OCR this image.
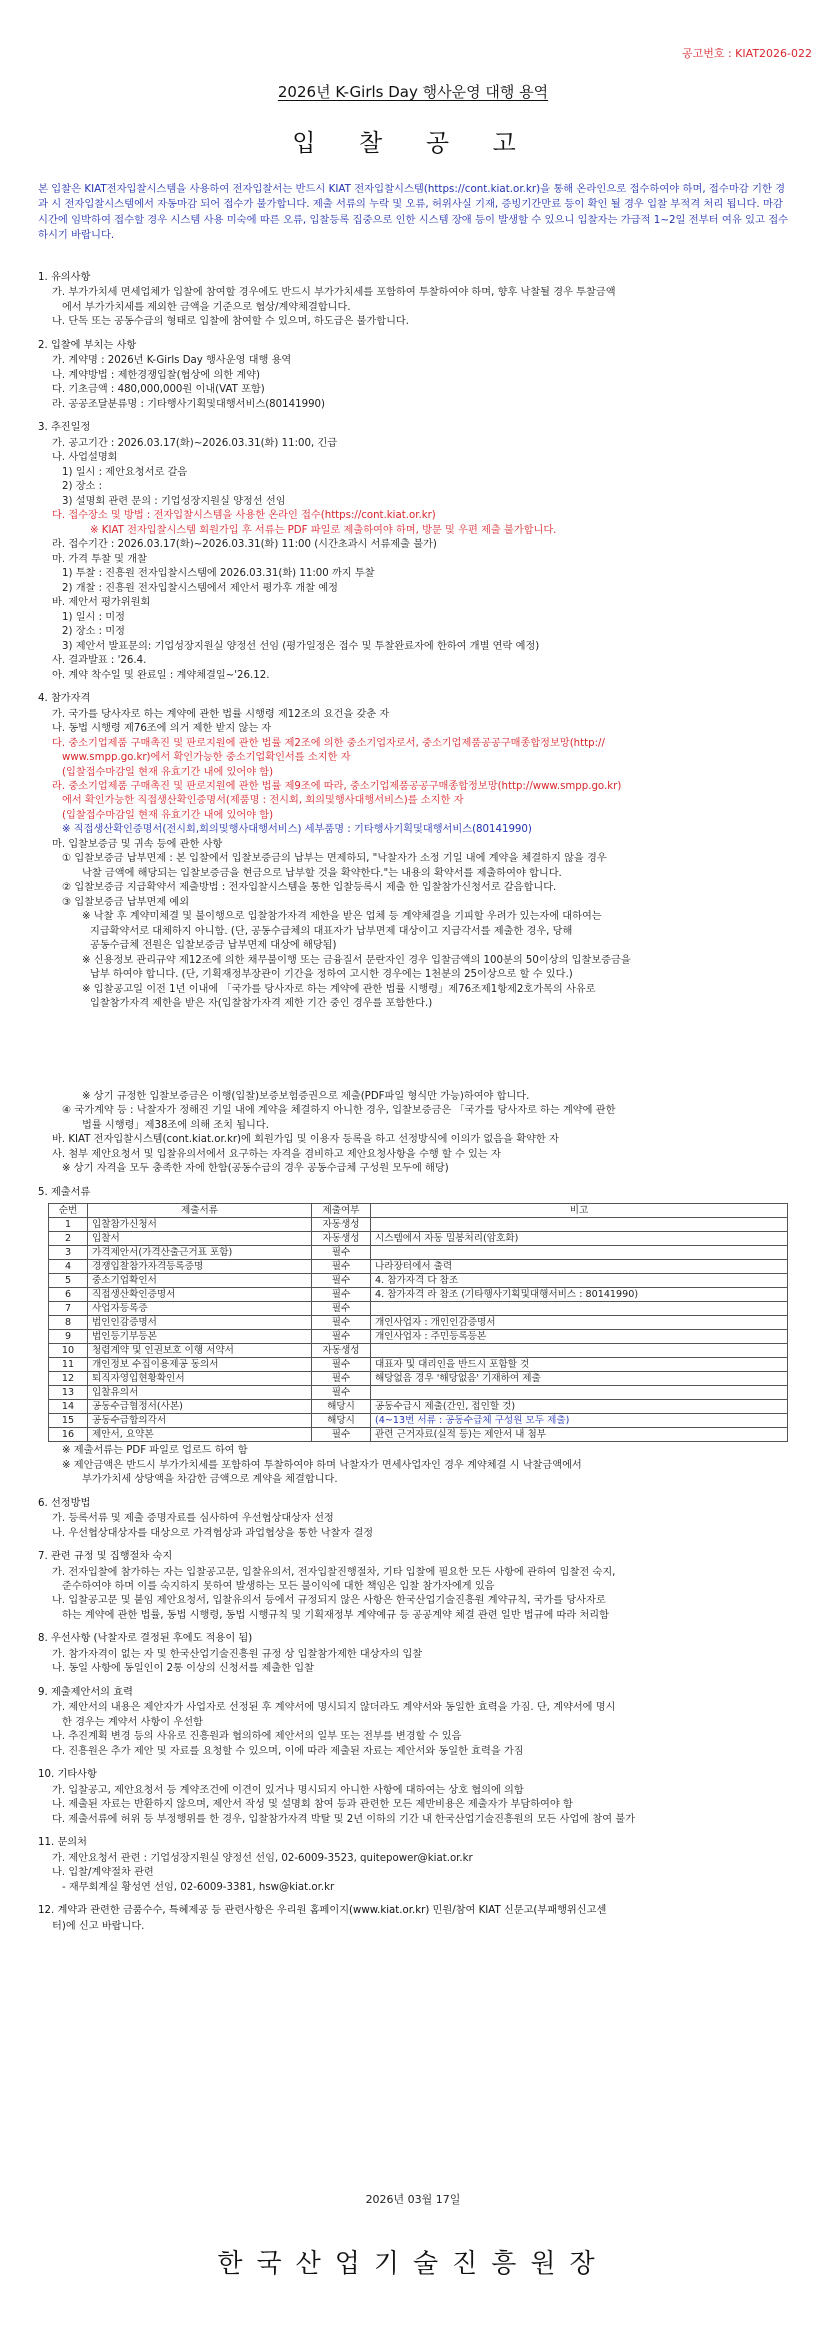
공고번호 : KIAT2026-022
2026년 K-Girls Day 행사운영 대행 용역
입 찰 공 고
본 입찰은 KIAT전자입찰시스템을 사용하여 전자입찰서는 반드시 KIAT 전자입찰시스템(https://cont.kiat.or.kr)을 통해 온라인으로 접수하여야 하며, 접수마감 기한 경과 시 전자입찰시스템에서 자동마감 되어 접수가 불가합니다. 제출 서류의 누락 및 오류, 허위사실 기재, 증빙기간만료 등이 확인 될 경우 입찰 부적격 처리 됩니다. 마감시간에 임박하여 접수할 경우 시스템 사용 미숙에 따른 오류, 입찰등록 집중으로 인한 시스템 장애 등이 발생할 수 있으니 입찰자는 가급적 1~2일 전부터 여유 있고 접수하시기 바랍니다.
1. 유의사항
가. 부가가치세 면세업체가 입찰에 참여할 경우에도 반드시 부가가치세를 포함하여 투찰하여야 하며, 향후 낙찰될 경우 투찰금액
에서 부가가치세를 제외한 금액을 기준으로 협상/계약체결합니다.
나. 단독 또는 공동수급의 형태로 입찰에 참여할 수 있으며, 하도급은 불가합니다.
2. 입찰에 부치는 사항
가. 계약명 : 2026년 K-Girls Day 행사운영 대행 용역
나. 계약방법 : 제한경쟁입찰(협상에 의한 계약)
다. 기초금액 : 480,000,000원 이내(VAT 포함)
라. 공공조달분류명 : 기타행사기획및대행서비스(80141990)
3. 추진일정
가. 공고기간 : 2026.03.17(화)~2026.03.31(화) 11:00, 긴급
나. 사업설명회
1) 일시 : 제안요청서로 갈음
2) 장소 :
3) 설명회 관련 문의 : 기업성장지원실 양정선 선임
다. 접수장소 및 방법 : 전자입찰시스템을 사용한 온라인 접수(https://cont.kiat.or.kr)
※ KIAT 전자입찰시스템 회원가입 후 서류는 PDF 파일로 제출하여야 하며, 방문 및 우편 제출 불가합니다.
라. 접수기간 : 2026.03.17(화)~2026.03.31(화) 11:00 (시간초과시 서류제출 불가)
마. 가격 투찰 및 개찰
1) 투찰 : 진흥원 전자입찰시스템에 2026.03.31(화) 11:00 까지 투찰
2) 개찰 : 진흥원 전자입찰시스템에서 제안서 평가후 개찰 예정
바. 제안서 평가위원회
1) 일시 : 미정
2) 장소 : 미정
3) 제안서 발표문의: 기업성장지원실 양정선 선임 (평가일정은 접수 및 투찰완료자에 한하여 개별 연락 예정)
사. 결과발표 : '26.4.
아. 계약 착수일 및 완료일 : 계약체결일~'26.12.
4. 참가자격
가. 국가를 당사자로 하는 계약에 관한 법률 시행령 제12조의 요건을 갖춘 자
나. 동법 시행령 제76조에 의거 제한 받지 않는 자
다. 중소기업제품 구매촉진 및 판로지원에 관한 법률 제2조에 의한 중소기업자로서, 중소기업제품공공구매종합정보망(http://
www.smpp.go.kr)에서 확인가능한 중소기업확인서를 소지한 자
(입찰접수마감일 현재 유효기간 내에 있어야 함)
라. 중소기업제품 구매촉진 및 판로지원에 관한 법률 제9조에 따라, 중소기업제품공공구매종합정보망(http://www.smpp.go.kr)
에서 확인가능한 직접생산확인증명서(제품명 : 전시회, 회의및행사대행서비스)를 소지한 자
(입찰접수마감일 현재 유효기간 내에 있어야 함)
※ 직접생산확인증명서(전시회,회의및행사대행서비스) 세부품명 : 기타행사기획및대행서비스(80141990)
마. 입찰보증금 및 귀속 등에 관한 사항
① 입찰보증금 납부면제 : 본 입찰에서 입찰보증금의 납부는 면제하되, "낙찰자가 소정 기일 내에 계약을 체결하지 않을 경우
낙찰 금액에 해당되는 입찰보증금을 현금으로 납부할 것을 확약한다."는 내용의 확약서를 제출하여야 합니다.
② 입찰보증금 지급확약서 제출방법 : 전자입찰시스템을 통한 입찰등록시 제출 한 입찰참가신청서로 갈음합니다.
③ 입찰보증금 납부면제 예외
※ 낙찰 후 계약미체결 및 불이행으로 입찰참가자격 제한을 받은 업체 등 계약체결을 기피할 우려가 있는자에 대하여는
지급확약서로 대체하지 아니함. (단, 공동수급체의 대표자가 납부면제 대상이고 지급각서를 제출한 경우, 당해
공동수급체 전원은 입찰보증금 납부면제 대상에 해당됨)
※ 신용정보 관리규약 제12조에 의한 채무불이행 또는 금융질서 문란자인 경우 입찰금액의 100분의 50이상의 입찰보증금을
납부 하여야 합니다. (단, 기획재정부장관이 기간을 정하여 고시한 경우에는 1천분의 25이상으로 할 수 있다.)
※ 입찰공고일 이전 1년 이내에 「국가를 당사자로 하는 계약에 관한 법률 시행령」제76조제1항제2호가목의 사유로
입찰참가자격 제한을 받은 자(입찰참가자격 제한 기간 중인 경우를 포함한다.)
※ 상기 규정한 입찰보증금은 이행(입찰)보증보험증권으로 제출(PDF파일 형식만 가능)하여야 합니다.
④ 국가계약 등 : 낙찰자가 정해진 기일 내에 계약을 체결하지 아니한 경우, 입찰보증금은 「국가를 당사자로 하는 계약에 관한
법률 시행령」제38조에 의해 조치 됩니다.
바. KIAT 전자입찰시스템(cont.kiat.or.kr)에 회원가입 및 이용자 등록을 하고 선정방식에 이의가 없음을 확약한 자
사. 첨부 제안요청서 및 입찰유의서에서 요구하는 자격을 겸비하고 제안요청사항을 수행 할 수 있는 자
※ 상기 자격을 모두 충족한 자에 한함(공동수급의 경우 공동수급체 구성원 모두에 해당)
5. 제출서류
순번	제출서류	제출여부	비고
1	입찰참가신청서	자동생성	
2	입찰서	자동생성	시스템에서 자동 밀봉처리(암호화)
3	가격제안서(가격산출근거표 포함)	필수	
4	경쟁입찰참가자격등록증명	필수	나라장터에서 출력
5	중소기업확인서	필수	4. 참가자격 다 참조
6	직접생산확인증명서	필수	4. 참가자격 라 참조 (기타행사기획및대행서비스 : 80141990)
7	사업자등록증	필수	
8	법인인감증명서	필수	개인사업자 : 개인인감증명서
9	법인등기부등본	필수	개인사업자 : 주민등록등본
10	청렴계약 및 인권보호 이행 서약서	자동생성	
11	개인정보 수집이용제공 동의서	필수	대표자 및 대리인을 반드시 포함할 것
12	퇴직자영입현황확인서	필수	해당없음 경우 '해당없음' 기재하여 제출
13	입찰유의서	필수	
14	공동수급협정서(사본)	해당시	공동수급시 제출(간인, 접인할 것)
15	공동수급합의각서	해당시	(4~13번 서류 : 공동수급체 구성원 모두 제출)
16	제안서, 요약본	필수	관련 근거자료(실적 등)는 제안서 내 첨부
※ 제출서류는 PDF 파일로 업로드 하여 함
※ 제안금액은 반드시 부가가치세를 포함하여 투찰하여야 하며 낙찰자가 면세사업자인 경우 계약체결 시 낙찰금액에서
부가가치세 상당액을 차감한 금액으로 계약을 체결합니다.
6. 선정방법
가. 등록서류 및 제출 증명자료를 심사하여 우선협상대상자 선정
나. 우선협상대상자를 대상으로 가격협상과 과업협상을 통한 낙찰자 결정
7. 관련 규정 및 집행절차 숙지
가. 전자입찰에 참가하는 자는 입찰공고문, 입찰유의서, 전자입찰진행절차, 기타 입찰에 필요한 모든 사항에 관하여 입찰전 숙지,
준수하여야 하며 이를 숙지하지 못하여 발생하는 모든 불이익에 대한 책임은 입찰 참가자에게 있음
나. 입찰공고문 및 붙임 제안요청서, 입찰유의서 등에서 규정되지 않은 사항은 한국산업기술진흥원 계약규칙, 국가를 당사자로
하는 계약에 관한 법률, 동법 시행령, 동법 시행규칙 및 기획재정부 계약예규 등 공공계약 체결 관련 일반 법규에 따라 처리함
8. 우선사항 (낙찰자로 결정된 후에도 적용이 됨)
가. 참가자격이 없는 자 및 한국산업기술진흥원 규정 상 입찰참가제한 대상자의 입찰
나. 동일 사항에 동일인이 2통 이상의 신청서를 제출한 입찰
9. 제출제안서의 효력
가. 제안서의 내용은 제안자가 사업자로 선정된 후 계약서에 명시되지 않더라도 계약서와 동일한 효력을 가짐. 단, 계약서에 명시
한 경우는 계약서 사항이 우선함
나. 추진계획 변경 등의 사유로 진흥원과 협의하에 제안서의 일부 또는 전부를 변경할 수 있음
다. 진흥원은 추가 제안 및 자료를 요청할 수 있으며, 이에 따라 제출된 자료는 제안서와 동일한 효력을 가짐
10. 기타사항
가. 입찰공고, 제안요청서 등 계약조건에 이견이 있거나 명시되지 아니한 사항에 대하여는 상호 협의에 의함
나. 제출된 자료는 반환하지 않으며, 제안서 작성 및 설명회 참여 등과 관련한 모든 제반비용은 제출자가 부담하여야 함
다. 제출서류에 허위 등 부정행위를 한 경우, 입찰참가자격 박탈 및 2년 이하의 기간 내 한국산업기술진흥원의 모든 사업에 참여 불가
11. 문의처
가. 제안요청서 관련 : 기업성장지원실 양정선 선임, 02-6009-3523, quitepower@kiat.or.kr
나. 입찰/계약절차 관련
- 재무회계실 황성연 선임, 02-6009-3381, hsw@kiat.or.kr
12. 계약과 관련한 금품수수, 특혜제공 등 관련사항은 우리원 홈페이지(www.kiat.or.kr) 민원/참여 KIAT 신문고(부패행위신고센
터)에 신고 바랍니다.
2026년 03월 17일
한국산업기술진흥원장
